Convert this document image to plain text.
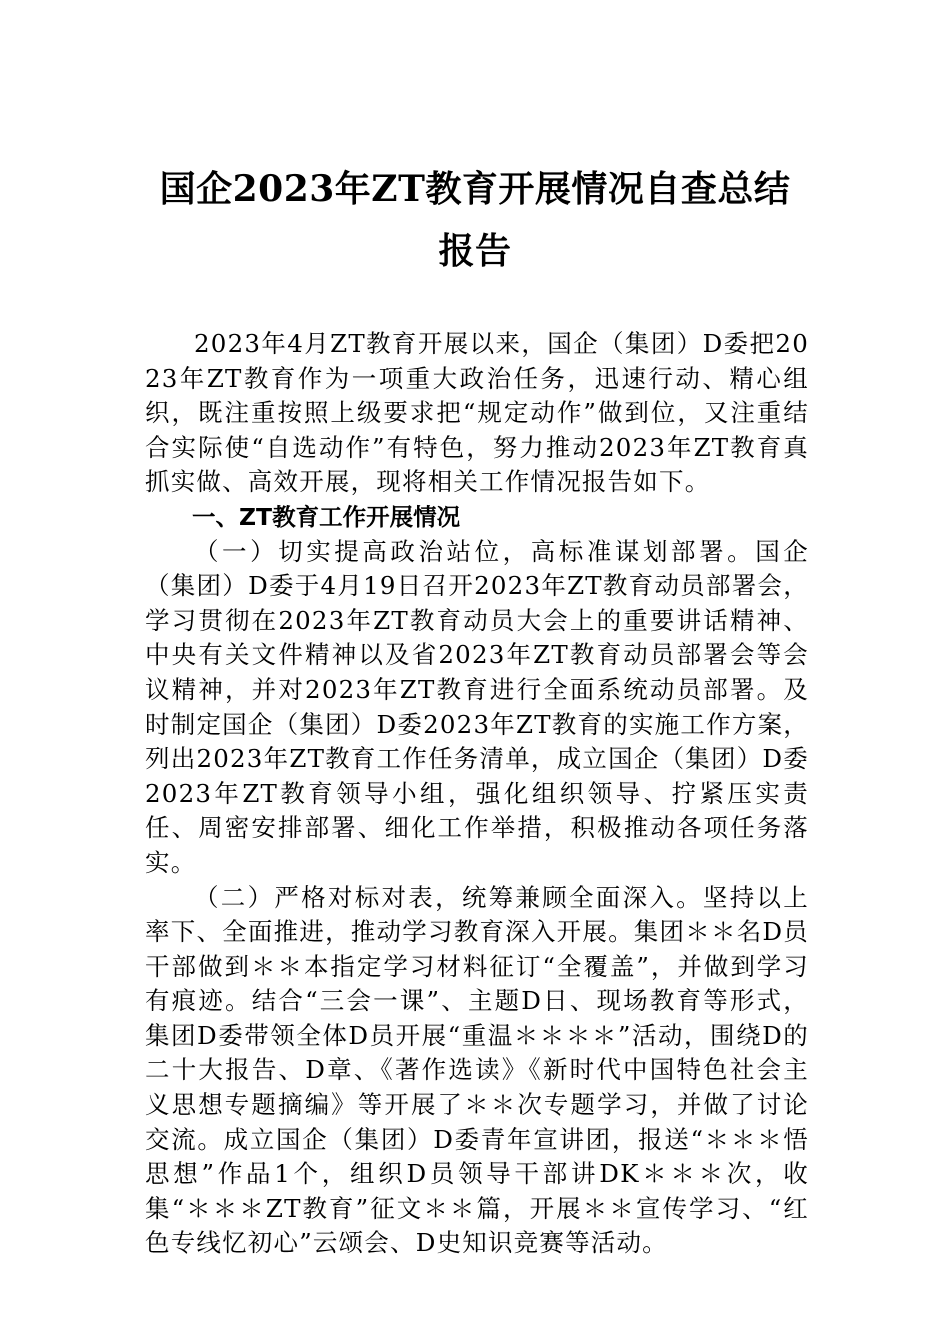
国企2023年ZT教育开展情况自查总结报告

2023年4月ZT教育开展以来，国企（集团）D委把2023年ZT教育作为一项重大政治任务，迅速行动、精心组织，既注重按照上级要求把“规定动作”做到位，又注重结合实际使“自选动作”有特色，努力推动2023年ZT教育真抓实做、高效开展，现将相关工作情况报告如下。

一、ZT教育工作开展情况

（一）切实提高政治站位，高标准谋划部署。国企（集团）D委于4月19日召开2023年ZT教育动员部署会，学习贯彻在2023年ZT教育动员大会上的重要讲话精神、中央有关文件精神以及省2023年ZT教育动员部署会等会议精神，并对2023年ZT教育进行全面系统动员部署。及时制定国企（集团）D委2023年ZT教育的实施工作方案，列出2023年ZT教育工作任务清单，成立国企（集团）D委2023年ZT教育领导小组，强化组织领导、拧紧压实责任、周密安排部署、细化工作举措，积极推动各项任务落实。

（二）严格对标对表，统筹兼顾全面深入。坚持以上率下、全面推进，推动学习教育深入开展。集团＊＊名D员干部做到＊＊本指定学习材料征订“全覆盖”，并做到学习有痕迹。结合“三会一课”、主题D日、现场教育等形式，集团D委带领全体D员开展“重温＊＊＊＊”活动，围绕D的二十大报告、D章、《著作选读》《新时代中国特色社会主义思想专题摘编》等开展了＊＊次专题学习，并做了讨论交流。成立国企（集团）D委青年宣讲团，报送“＊＊＊悟思想”作品1个，组织D员领导干部讲DK＊＊＊次，收集“＊＊＊ZT教育”征文＊＊篇，开展＊＊宣传学习、“红色专线忆初心”云颂会、D史知识竞赛等活动。
